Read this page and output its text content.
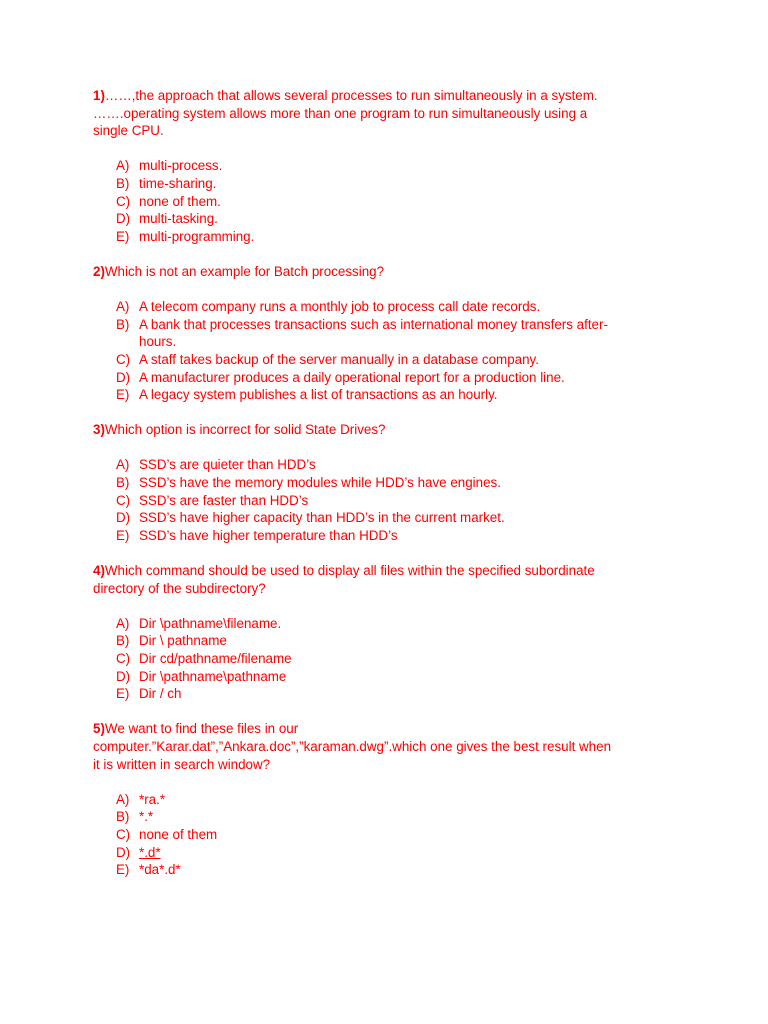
1)……,the approach that allows several processes to run simultaneously in a system.

…….operating system allows more than one program to run simultaneously using a single CPU.

A) multi-process.
B) time-sharing.
C) none of them.
D) multi-tasking.
E) multi-programming.

2)Which is not an example for Batch processing?

A) A telecom company runs a monthly job to process call date records.
B) A bank that processes transactions such as international money transfers after-hours.
C) A staff takes backup of the server manually in a database company.
D) A manufacturer produces a daily operational report for a production line.
E) A legacy system publishes a list of transactions as an hourly.

3)Which option is incorrect for solid State Drives?

A) SSD’s are quieter than HDD’s
B) SSD’s have the memory modules while HDD’s have engines.
C) SSD’s are faster than HDD’s
D) SSD’s have higher capacity than HDD’s in the current market.
E) SSD’s have higher temperature than HDD’s

4)Which command should be used to display all files within the specified subordinate directory of the subdirectory?

A) Dir \pathname\filename.
B) Dir \ pathname
C) Dir cd/pathname/filename
D) Dir \pathname\pathname
E) Dir / ch

5)We want to find these files in our

computer.”Karar.dat”,”Ankara.doc”,”karaman.dwg”.which one gives the best result when it is written in search window?

A) *ra.*
B) *.*
C) none of them
D) *.d*
E) *da*.d*
